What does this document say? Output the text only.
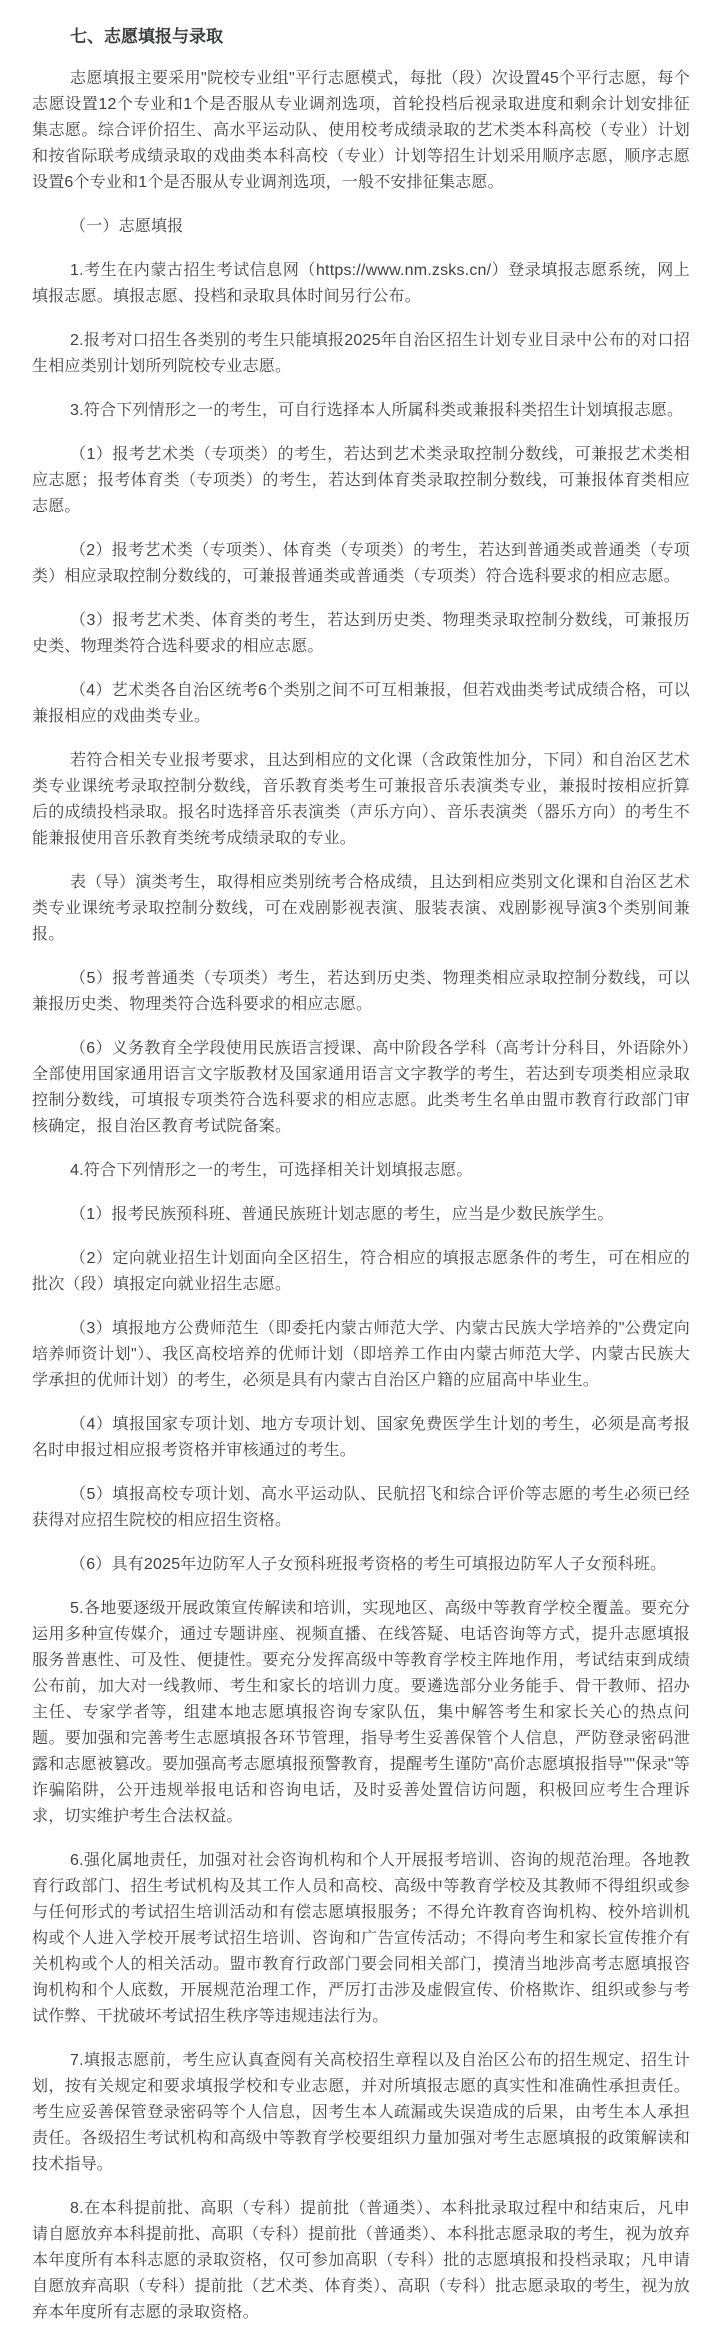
七、志愿填报与录取

志愿填报主要采用"院校专业组"平行志愿模式，每批（段）次设置45个平行志愿，每个志愿设置12个专业和1个是否服从专业调剂选项，首轮投档后视录取进度和剩余计划安排征集志愿。综合评价招生、高水平运动队、使用校考成绩录取的艺术类本科高校（专业）计划和按省际联考成绩录取的戏曲类本科高校（专业）计划等招生计划采用顺序志愿，顺序志愿设置6个专业和1个是否服从专业调剂选项，一般不安排征集志愿。

（一）志愿填报

1.考生在内蒙古招生考试信息网（https://www.nm.zsks.cn/）登录填报志愿系统，网上填报志愿。填报志愿、投档和录取具体时间另行公布。

2.报考对口招生各类别的考生只能填报2025年自治区招生计划专业目录中公布的对口招生相应类别计划所列院校专业志愿。

3.符合下列情形之一的考生，可自行选择本人所属科类或兼报科类招生计划填报志愿。

（1）报考艺术类（专项类）的考生，若达到艺术类录取控制分数线，可兼报艺术类相应志愿；报考体育类（专项类）的考生，若达到体育类录取控制分数线，可兼报体育类相应志愿。

（2）报考艺术类（专项类）、体育类（专项类）的考生，若达到普通类或普通类（专项类）相应录取控制分数线的，可兼报普通类或普通类（专项类）符合选科要求的相应志愿。

（3）报考艺术类、体育类的考生，若达到历史类、物理类录取控制分数线，可兼报历史类、物理类符合选科要求的相应志愿。

（4）艺术类各自治区统考6个类别之间不可互相兼报，但若戏曲类考试成绩合格，可以兼报相应的戏曲类专业。

若符合相关专业报考要求，且达到相应的文化课（含政策性加分，下同）和自治区艺术类专业课统考录取控制分数线，音乐教育类考生可兼报音乐表演类专业，兼报时按相应折算后的成绩投档录取。报名时选择音乐表演类（声乐方向）、音乐表演类（器乐方向）的考生不能兼报使用音乐教育类统考成绩录取的专业。

表（导）演类考生，取得相应类别统考合格成绩，且达到相应类别文化课和自治区艺术类专业课统考录取控制分数线，可在戏剧影视表演、服装表演、戏剧影视导演3个类别间兼报。

（5）报考普通类（专项类）考生，若达到历史类、物理类相应录取控制分数线，可以兼报历史类、物理类符合选科要求的相应志愿。

（6）义务教育全学段使用民族语言授课、高中阶段各学科（高考计分科目，外语除外）全部使用国家通用语言文字版教材及国家通用语言文字教学的考生，若达到专项类相应录取控制分数线，可填报专项类符合选科要求的相应志愿。此类考生名单由盟市教育行政部门审核确定，报自治区教育考试院备案。

4.符合下列情形之一的考生，可选择相关计划填报志愿。

（1）报考民族预科班、普通民族班计划志愿的考生，应当是少数民族学生。

（2）定向就业招生计划面向全区招生，符合相应的填报志愿条件的考生，可在相应的批次（段）填报定向就业招生志愿。

（3）填报地方公费师范生（即委托内蒙古师范大学、内蒙古民族大学培养的"公费定向培养师资计划"）、我区高校培养的优师计划（即培养工作由内蒙古师范大学、内蒙古民族大学承担的优师计划）的考生，必须是具有内蒙古自治区户籍的应届高中毕业生。

（4）填报国家专项计划、地方专项计划、国家免费医学生计划的考生，必须是高考报名时申报过相应报考资格并审核通过的考生。

（5）填报高校专项计划、高水平运动队、民航招飞和综合评价等志愿的考生必须已经获得对应招生院校的相应招生资格。

（6）具有2025年边防军人子女预科班报考资格的考生可填报边防军人子女预科班。

5.各地要逐级开展政策宣传解读和培训，实现地区、高级中等教育学校全覆盖。要充分运用多种宣传媒介，通过专题讲座、视频直播、在线答疑、电话咨询等方式，提升志愿填报服务普惠性、可及性、便捷性。要充分发挥高级中等教育学校主阵地作用，考试结束到成绩公布前，加大对一线教师、考生和家长的培训力度。要遴选部分业务能手、骨干教师、招办主任、专家学者等，组建本地志愿填报咨询专家队伍，集中解答考生和家长关心的热点问题。要加强和完善考生志愿填报各环节管理，指导考生妥善保管个人信息，严防登录密码泄露和志愿被篡改。要加强高考志愿填报预警教育，提醒考生谨防"高价志愿填报指导""保录"等诈骗陷阱，公开违规举报电话和咨询电话，及时妥善处置信访问题，积极回应考生合理诉求，切实维护考生合法权益。

6.强化属地责任，加强对社会咨询机构和个人开展报考培训、咨询的规范治理。各地教育行政部门、招生考试机构及其工作人员和高校、高级中等教育学校及其教师不得组织或参与任何形式的考试招生培训活动和有偿志愿填报服务；不得允许教育咨询机构、校外培训机构或个人进入学校开展考试招生培训、咨询和广告宣传活动；不得向考生和家长宣传推介有关机构或个人的相关活动。盟市教育行政部门要会同相关部门，摸清当地涉高考志愿填报咨询机构和个人底数，开展规范治理工作，严厉打击涉及虚假宣传、价格欺诈、组织或参与考试作弊、干扰破坏考试招生秩序等违规违法行为。

7.填报志愿前，考生应认真查阅有关高校招生章程以及自治区公布的招生规定、招生计划，按有关规定和要求填报学校和专业志愿，并对所填报志愿的真实性和准确性承担责任。考生应妥善保管登录密码等个人信息，因考生本人疏漏或失误造成的后果，由考生本人承担责任。各级招生考试机构和高级中等教育学校要组织力量加强对考生志愿填报的政策解读和技术指导。

8.在本科提前批、高职（专科）提前批（普通类）、本科批录取过程中和结束后，凡申请自愿放弃本科提前批、高职（专科）提前批（普通类）、本科批志愿录取的考生，视为放弃本年度所有本科志愿的录取资格，仅可参加高职（专科）批的志愿填报和投档录取；凡申请自愿放弃高职（专科）提前批（艺术类、体育类）、高职（专科）批志愿录取的考生，视为放弃本年度所有志愿的录取资格。
